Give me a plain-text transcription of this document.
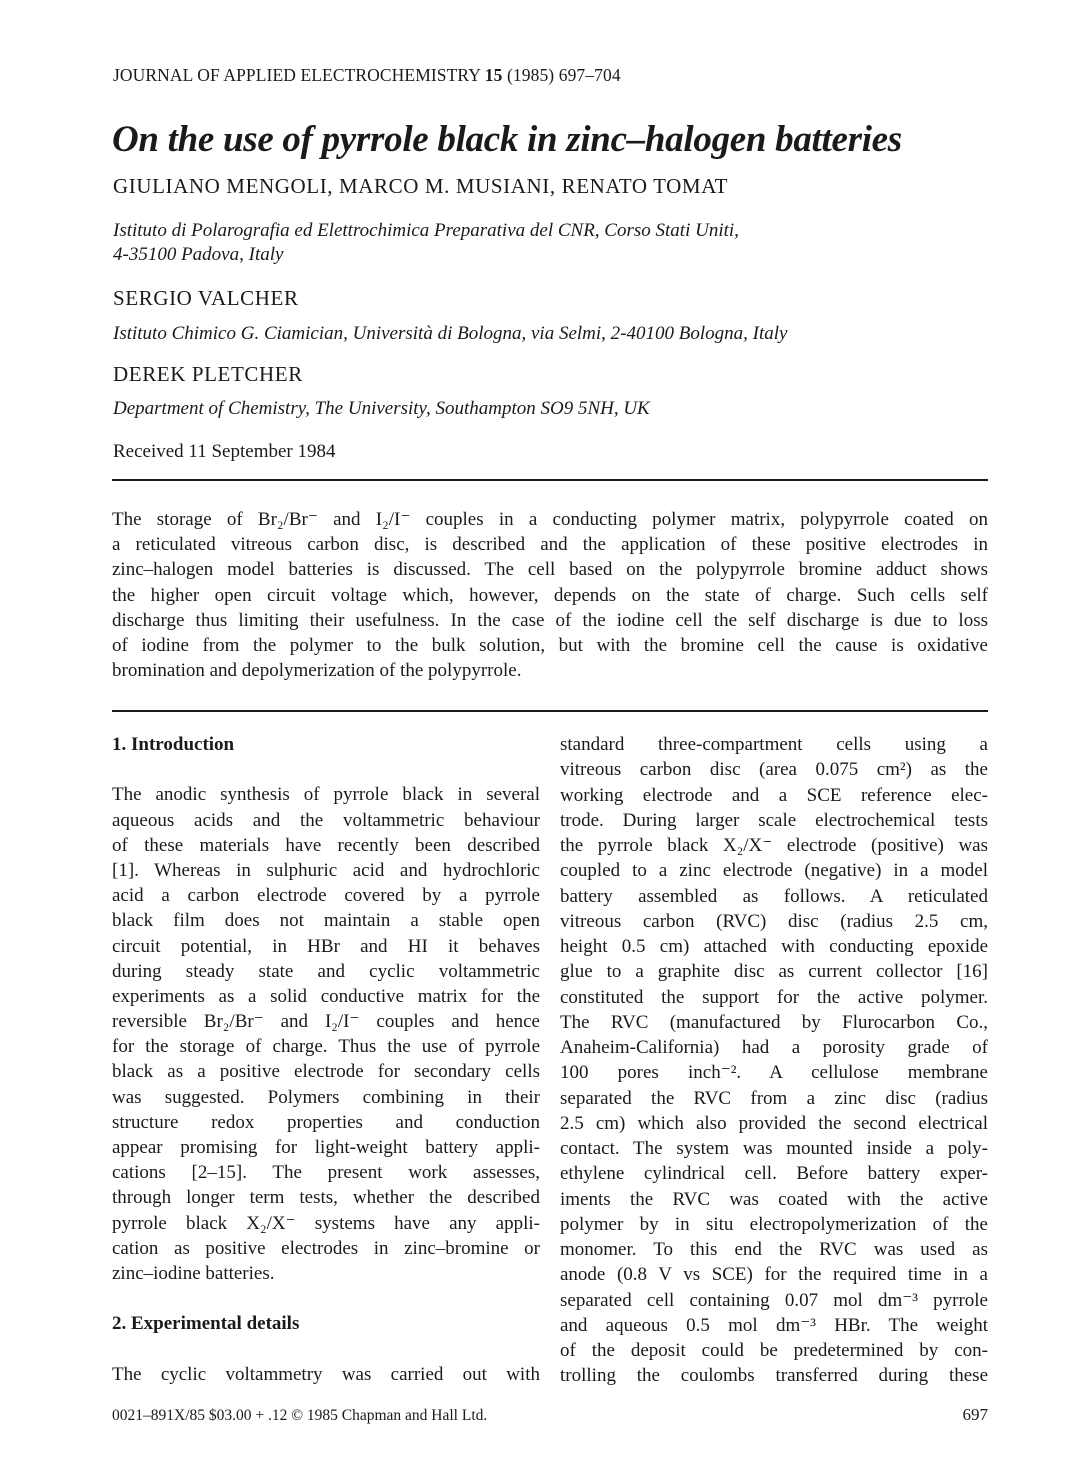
JOURNAL OF APPLIED ELECTROCHEMISTRY 15 (1985) 697–704
On the use of pyrrole black in zinc–halogen batteries
GIULIANO MENGOLI, MARCO M. MUSIANI, RENATO TOMAT
Istituto di Polarografia ed Elettrochimica Preparativa del CNR, Corso Stati Uniti,
4-35100 Padova, Italy
SERGIO VALCHER
Istituto Chimico G. Ciamician, Università di Bologna, via Selmi, 2-40100 Bologna, Italy
DEREK PLETCHER
Department of Chemistry, The University, Southampton SO9 5NH, UK
Received 11 September 1984
The storage of Br₂/Br⁻ and I₂/I⁻ couples in a conducting polymer matrix, polypyrrole coated on
a reticulated vitreous carbon disc, is described and the application of these positive electrodes in
zinc–halogen model batteries is discussed. The cell based on the polypyrrole bromine adduct shows
the higher open circuit voltage which, however, depends on the state of charge. Such cells self
discharge thus limiting their usefulness. In the case of the iodine cell the self discharge is due to loss
of iodine from the polymer to the bulk solution, but with the bromine cell the cause is oxidative
bromination and depolymerization of the polypyrrole.
1. Introduction
The anodic synthesis of pyrrole black in several
aqueous acids and the voltammetric behaviour
of these materials have recently been described
[1]. Whereas in sulphuric acid and hydrochloric
acid a carbon electrode covered by a pyrrole
black film does not maintain a stable open
circuit potential, in HBr and HI it behaves
during steady state and cyclic voltammetric
experiments as a solid conductive matrix for the
reversible Br₂/Br⁻ and I₂/I⁻ couples and hence
for the storage of charge. Thus the use of pyrrole
black as a positive electrode for secondary cells
was suggested. Polymers combining in their
structure redox properties and conduction
appear promising for light-weight battery appli-
cations [2–15]. The present work assesses,
through longer term tests, whether the described
pyrrole black X₂/X⁻ systems have any appli-
cation as positive electrodes in zinc–bromine or
zinc–iodine batteries.
2. Experimental details
The cyclic voltammetry was carried out with
standard three-compartment cells using a
vitreous carbon disc (area 0.075 cm²) as the
working electrode and a SCE reference elec-
trode. During larger scale electrochemical tests
the pyrrole black X₂/X⁻ electrode (positive) was
coupled to a zinc electrode (negative) in a model
battery assembled as follows. A reticulated
vitreous carbon (RVC) disc (radius 2.5 cm,
height 0.5 cm) attached with conducting epoxide
glue to a graphite disc as current collector [16]
constituted the support for the active polymer.
The RVC (manufactured by Flurocarbon Co.,
Anaheim-California) had a porosity grade of
100 pores inch⁻². A cellulose membrane
separated the RVC from a zinc disc (radius
2.5 cm) which also provided the second electrical
contact. The system was mounted inside a poly-
ethylene cylindrical cell. Before battery exper-
iments the RVC was coated with the active
polymer by in situ electropolymerization of the
monomer. To this end the RVC was used as
anode (0.8 V vs SCE) for the required time in a
separated cell containing 0.07 mol dm⁻³ pyrrole
and aqueous 0.5 mol dm⁻³ HBr. The weight
of the deposit could be predetermined by con-
trolling the coulombs transferred during these
0021–891X/85 $03.00 + .12 © 1985 Chapman and Hall Ltd.	697
